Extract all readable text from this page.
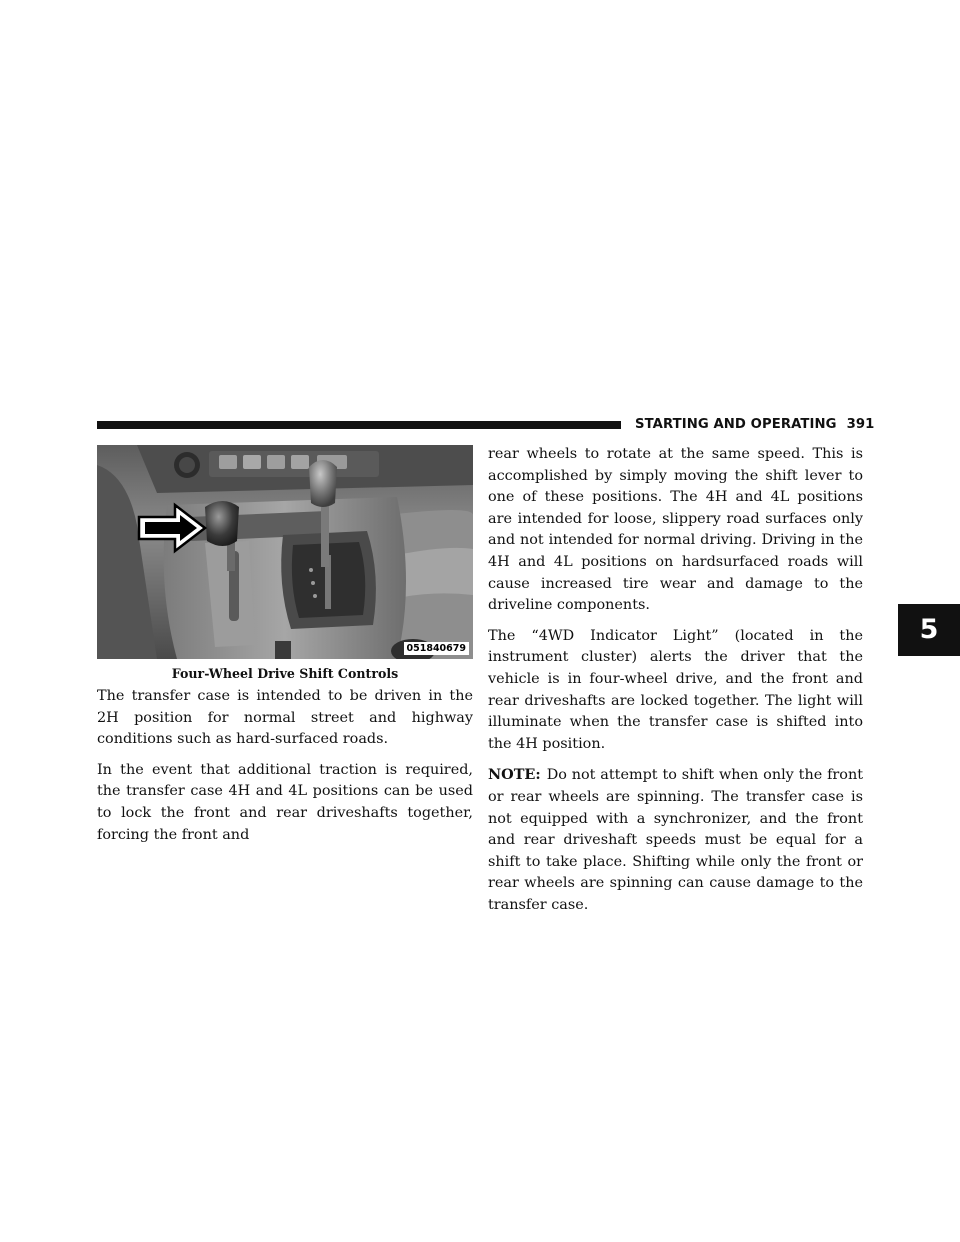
STARTING AND OPERATING 391
5
051840679
Four-Wheel Drive Shift Controls

The transfer case is intended to be driven in the 2H position for normal street and highway conditions such as hard-surfaced roads.

In the event that additional traction is required, the transfer case 4H and 4L positions can be used to lock the front and rear driveshafts together, forcing the front and

rear wheels to rotate at the same speed. This is accomplished by simply moving the shift lever to one of these positions. The 4H and 4L positions are intended for loose, slippery road surfaces only and not intended for normal driving. Driving in the 4H and 4L positions on hardsurfaced roads will cause increased tire wear and damage to the driveline components.

The “4WD Indicator Light” (located in the instrument cluster) alerts the driver that the vehicle is in four-wheel drive, and the front and rear driveshafts are locked together. The light will illuminate when the transfer case is shifted into the 4H position.

NOTE: Do not attempt to shift when only the front or rear wheels are spinning. The transfer case is not equipped with a synchronizer, and the front and rear driveshaft speeds must be equal for a shift to take place. Shifting while only the front or rear wheels are spinning can cause damage to the transfer case.
